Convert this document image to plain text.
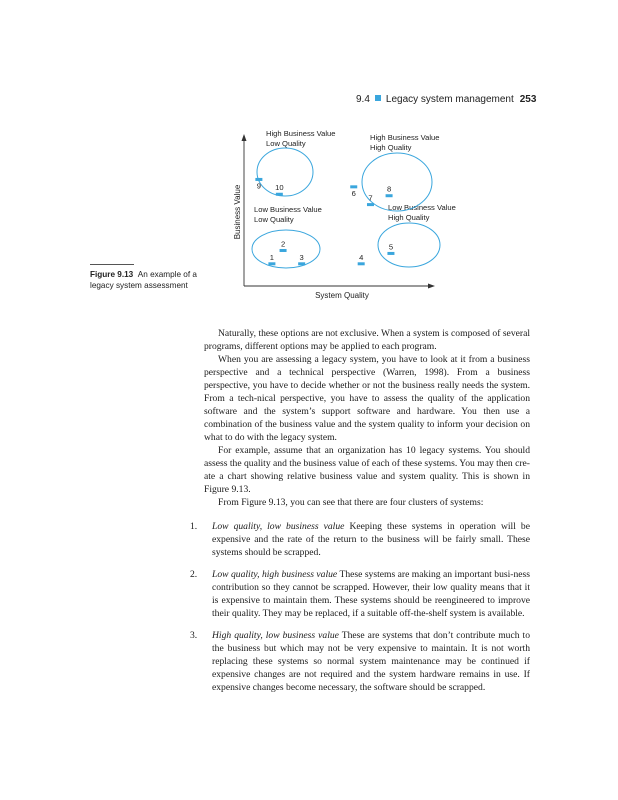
9.4 Legacy system management 253
Figure 9.13 An example of a legacy system assessment
Business Value
System Quality
High Business Value Low Quality
High Business Value High Quality
Low Business Value Low Quality
Low Business Value High Quality
1
2
3	4
5
6
7
8
9 10

Naturally, these options are not exclusive. When a system is composed of several programs, different options may be applied to each program.

When you are assessing a legacy system, you have to look at it from a business perspective and a technical perspective (Warren, 1998). From a business perspective, you have to decide whether or not the business really needs the system. From a tech-nical perspective, you have to assess the quality of the application software and the system’s support software and hardware. You then use a combination of the business value and the system quality to inform your decision on what to do with the legacy system.

For example, assume that an organization has 10 legacy systems. You should assess the quality and the business value of each of these systems. You may then cre-ate a chart showing relative business value and system quality. This is shown in Figure 9.13.

From Figure 9.13, you can see that there are four clusters of systems:

1. Low quality, low business value Keeping these systems in operation will be expensive and the rate of the return to the business will be fairly small. These systems should be scrapped.
2. Low quality, high business value These systems are making an important busi-ness contribution so they cannot be scrapped. However, their low quality means that it is expensive to maintain them. These systems should be reengineered to improve their quality. They may be replaced, if a suitable off-the-shelf system is available.
3. High quality, low business value These are systems that don’t contribute much to the business but which may not be very expensive to maintain. It is not worth replacing these systems so normal system maintenance may be continued if expensive changes are not required and the system hardware remains in use. If expensive changes become necessary, the software should be scrapped.
